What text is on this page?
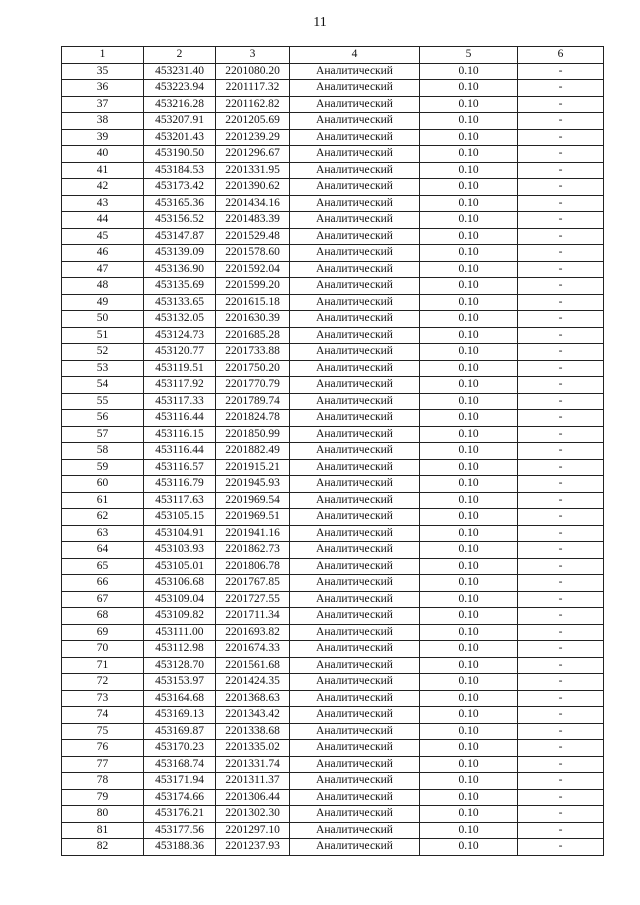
11
1	2	3	4	5	6
35	453231.40	2201080.20	Аналитический	0.10	-
36	453223.94	2201117.32	Аналитический	0.10	-
37	453216.28	2201162.82	Аналитический	0.10	-
38	453207.91	2201205.69	Аналитический	0.10	-
39	453201.43	2201239.29	Аналитический	0.10	-
40	453190.50	2201296.67	Аналитический	0.10	-
41	453184.53	2201331.95	Аналитический	0.10	-
42	453173.42	2201390.62	Аналитический	0.10	-
43	453165.36	2201434.16	Аналитический	0.10	-
44	453156.52	2201483.39	Аналитический	0.10	-
45	453147.87	2201529.48	Аналитический	0.10	-
46	453139.09	2201578.60	Аналитический	0.10	-
47	453136.90	2201592.04	Аналитический	0.10	-
48	453135.69	2201599.20	Аналитический	0.10	-
49	453133.65	2201615.18	Аналитический	0.10	-
50	453132.05	2201630.39	Аналитический	0.10	-
51	453124.73	2201685.28	Аналитический	0.10	-
52	453120.77	2201733.88	Аналитический	0.10	-
53	453119.51	2201750.20	Аналитический	0.10	-
54	453117.92	2201770.79	Аналитический	0.10	-
55	453117.33	2201789.74	Аналитический	0.10	-
56	453116.44	2201824.78	Аналитический	0.10	-
57	453116.15	2201850.99	Аналитический	0.10	-
58	453116.44	2201882.49	Аналитический	0.10	-
59	453116.57	2201915.21	Аналитический	0.10	-
60	453116.79	2201945.93	Аналитический	0.10	-
61	453117.63	2201969.54	Аналитический	0.10	-
62	453105.15	2201969.51	Аналитический	0.10	-
63	453104.91	2201941.16	Аналитический	0.10	-
64	453103.93	2201862.73	Аналитический	0.10	-
65	453105.01	2201806.78	Аналитический	0.10	-
66	453106.68	2201767.85	Аналитический	0.10	-
67	453109.04	2201727.55	Аналитический	0.10	-
68	453109.82	2201711.34	Аналитический	0.10	-
69	453111.00	2201693.82	Аналитический	0.10	-
70	453112.98	2201674.33	Аналитический	0.10	-
71	453128.70	2201561.68	Аналитический	0.10	-
72	453153.97	2201424.35	Аналитический	0.10	-
73	453164.68	2201368.63	Аналитический	0.10	-
74	453169.13	2201343.42	Аналитический	0.10	-
75	453169.87	2201338.68	Аналитический	0.10	-
76	453170.23	2201335.02	Аналитический	0.10	-
77	453168.74	2201331.74	Аналитический	0.10	-
78	453171.94	2201311.37	Аналитический	0.10	-
79	453174.66	2201306.44	Аналитический	0.10	-
80	453176.21	2201302.30	Аналитический	0.10	-
81	453177.56	2201297.10	Аналитический	0.10	-
82	453188.36	2201237.93	Аналитический	0.10	-
